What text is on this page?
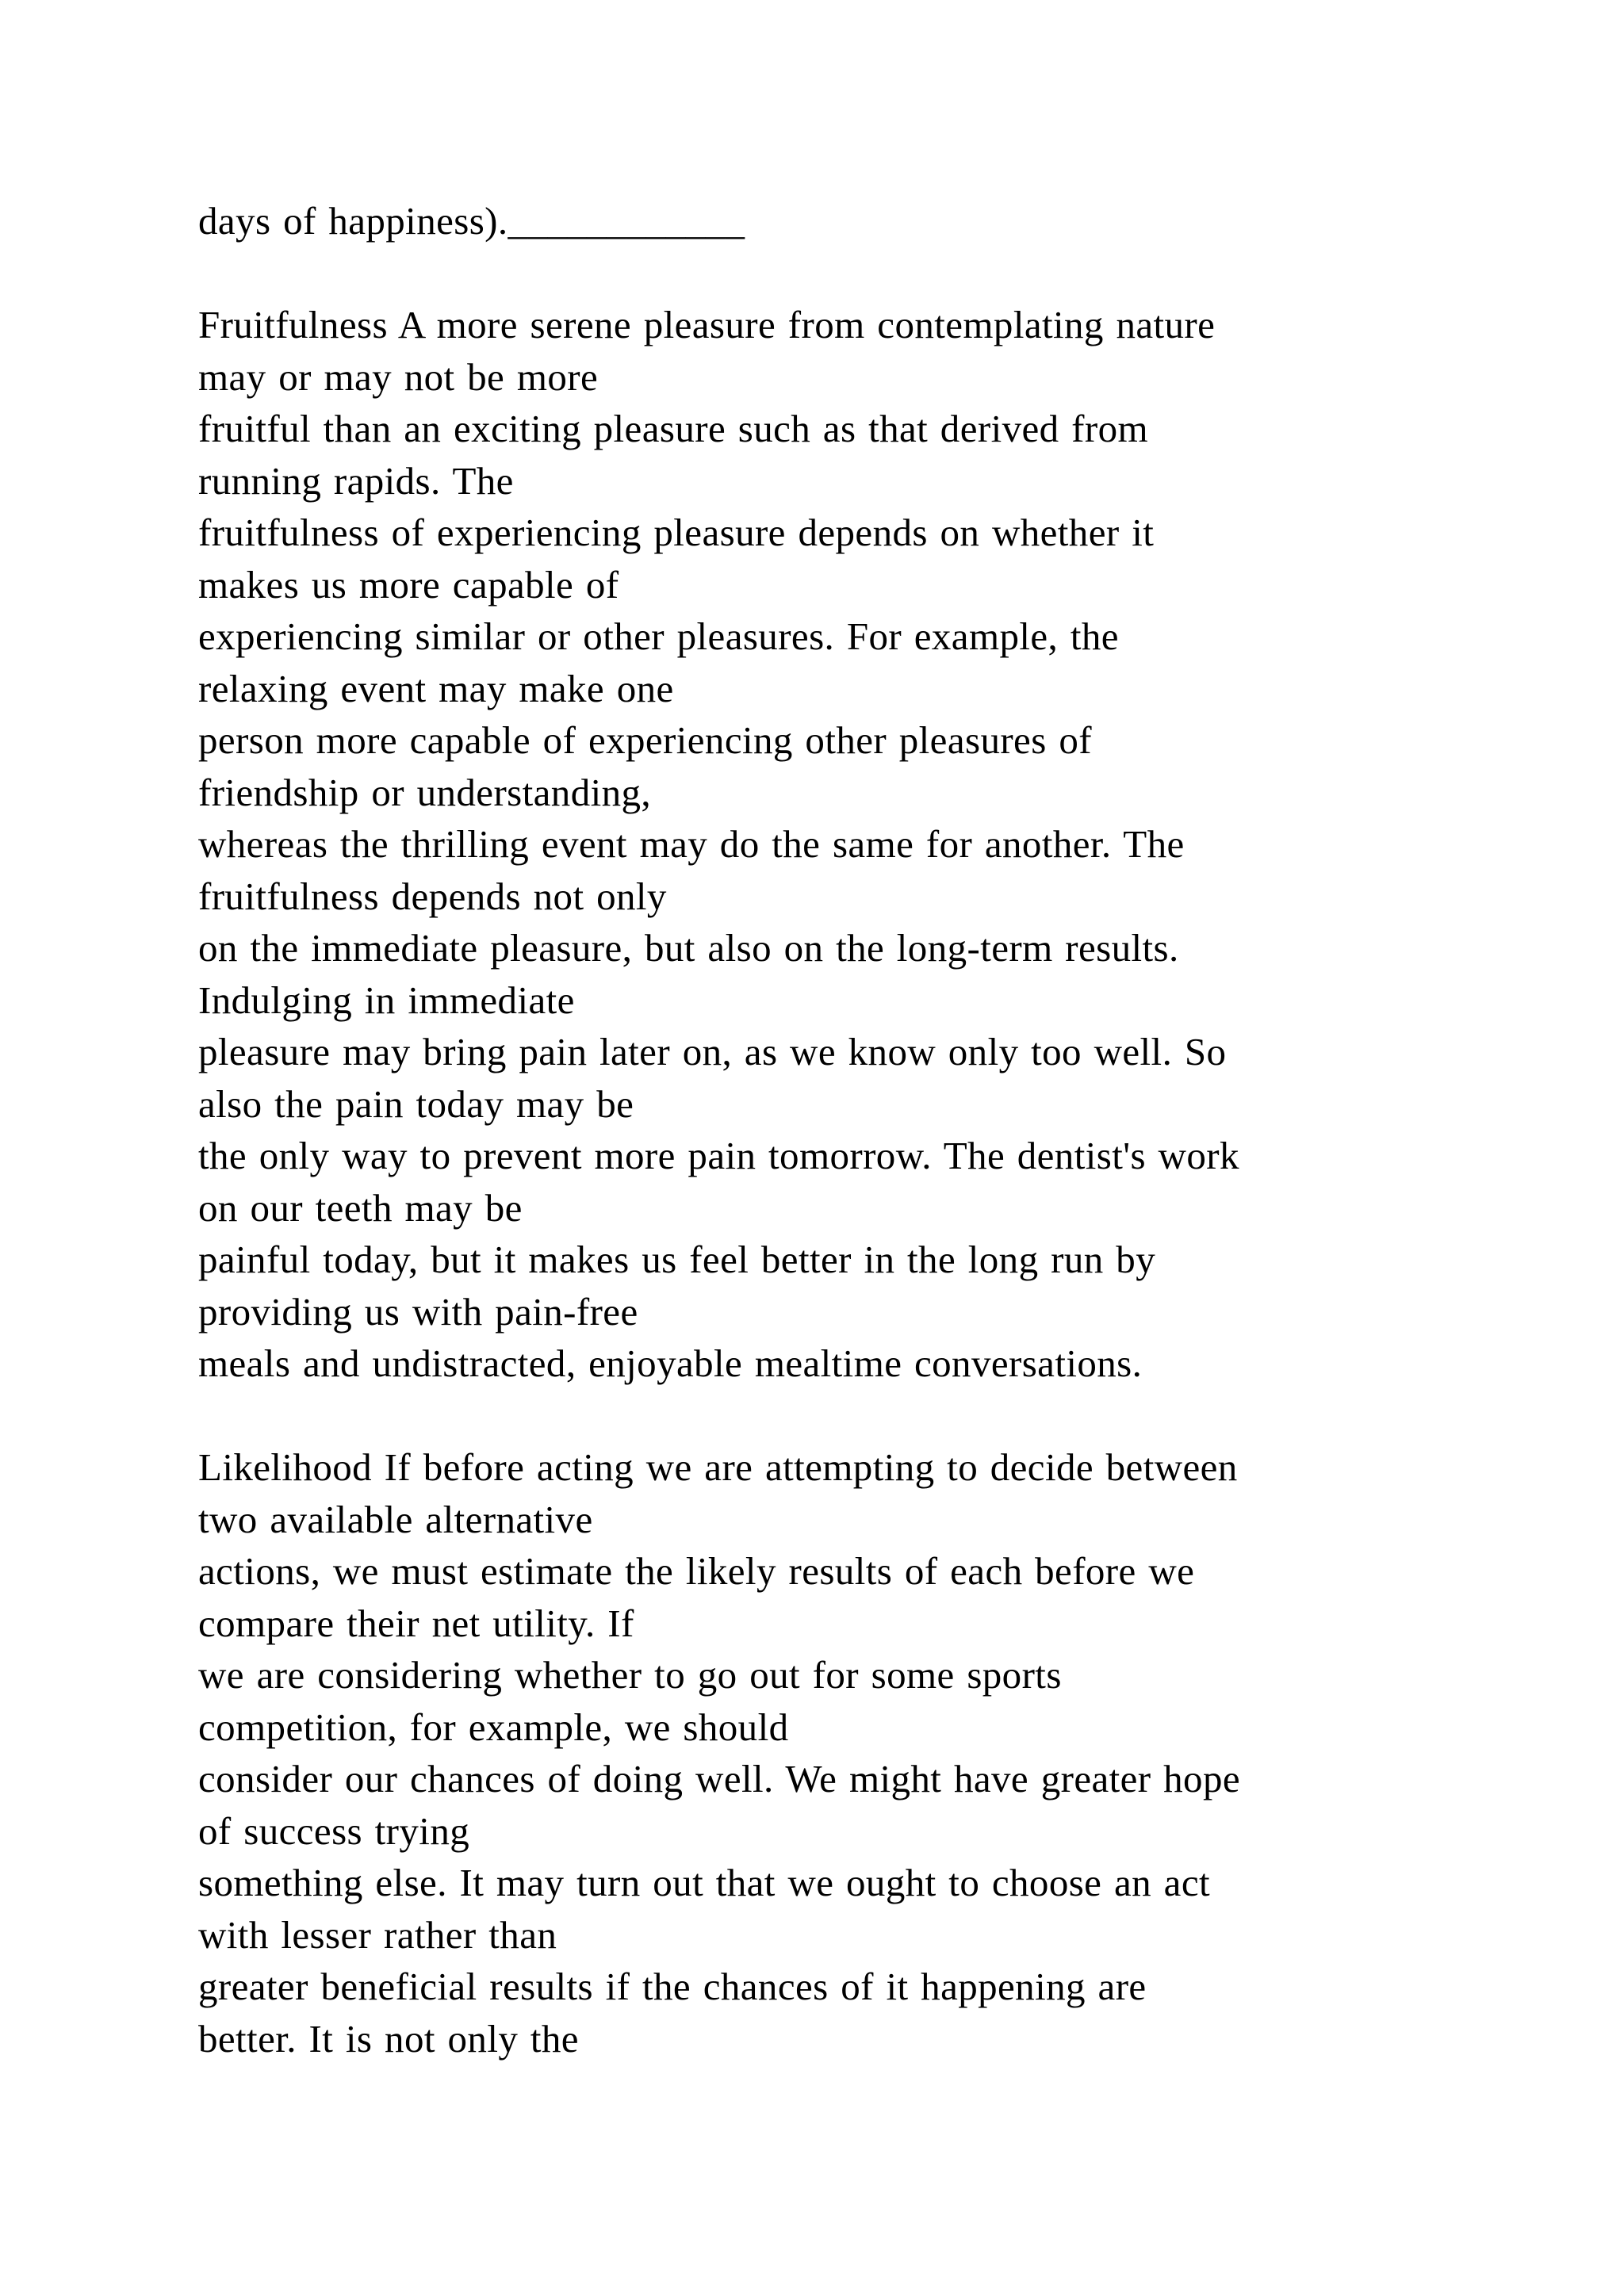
days of happiness).____________
Fruitfulness A more serene pleasure from contemplating nature
may or may not be more
fruitful than an exciting pleasure such as that derived from
running rapids. The
fruitfulness of experiencing pleasure depends on whether it
makes us more capable of
experiencing similar or other pleasures. For example, the
relaxing event may make one
person more capable of experiencing other pleasures of
friendship or understanding,
whereas the thrilling event may do the same for another. The
fruitfulness depends not only
on the immediate pleasure, but also on the long-term results.
Indulging in immediate
pleasure may bring pain later on, as we know only too well. So
also the pain today may be
the only way to prevent more pain tomorrow. The dentist's work
on our teeth may be
painful today, but it makes us feel better in the long run by
providing us with pain-free
meals and undistracted, enjoyable mealtime conversations.
Likelihood If before acting we are attempting to decide between
two available alternative
actions, we must estimate the likely results of each before we
compare their net utility. If
we are considering whether to go out for some sports
competition, for example, we should
consider our chances of doing well. We might have greater hope
of success trying
something else. It may turn out that we ought to choose an act
with lesser rather than
greater beneficial results if the chances of it happening are
better. It is not only the
